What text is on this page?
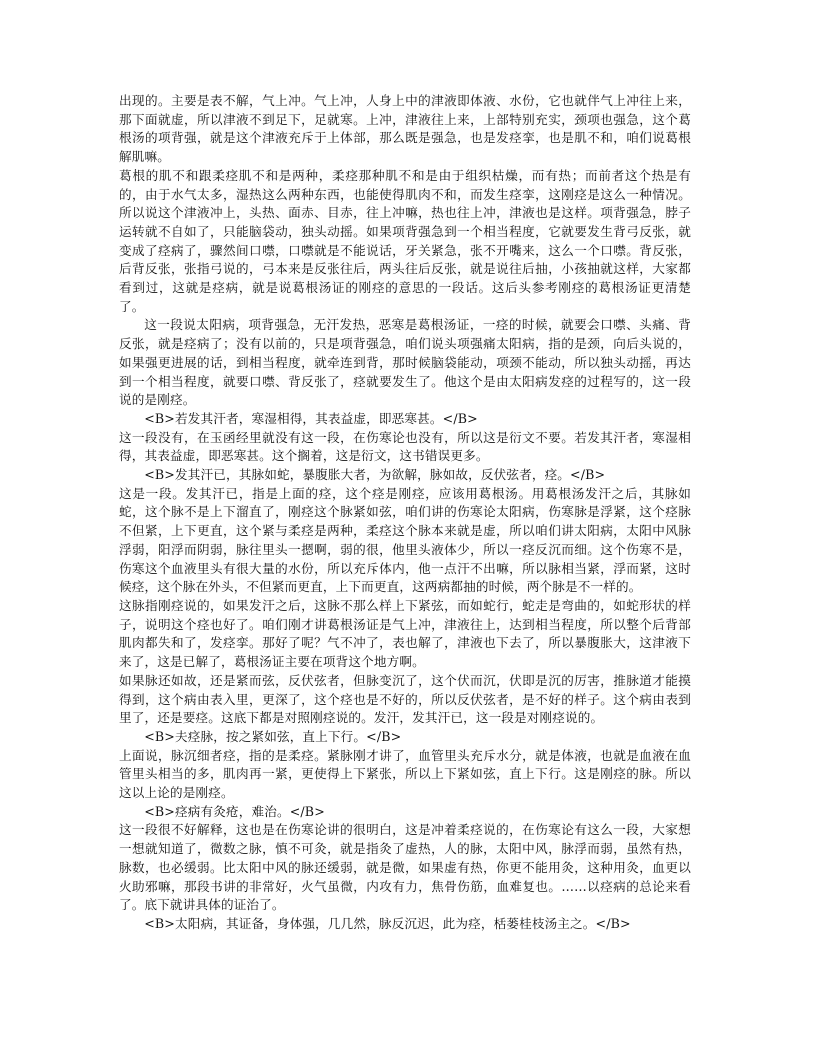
出现的。主要是表不解，气上冲。气上冲，人身上中的津液即体液、水份，它也就伴气上冲往上来，那下面就虚，所以津液不到足下，足就寒。上冲，津液往上来，上部特别充实，颈项也强急，这个葛根汤的项背强，就是这个津液充斥于上体部，那么既是强急，也是发痉挛，也是肌不和，咱们说葛根解肌嘛。

葛根的肌不和跟柔痉肌不和是两种，柔痉那种肌不和是由于组织枯燥，而有热；而前者这个热是有的，由于水气太多，湿热这么两种东西，也能使得肌肉不和，而发生痉挛，这刚痉是这么一种情况。所以说这个津液冲上，头热、面赤、目赤，往上冲嘛，热也往上冲，津液也是这样。项背强急，脖子运转就不自如了，只能脑袋动，独头动摇。如果项背强急到一个相当程度，它就要发生背弓反张，就变成了痉病了，骤然间口噤，口噤就是不能说话，牙关紧急，张不开嘴来，这么一个口噤。背反张，后背反张，张指弓说的，弓本来是反张往后，两头往后反张，就是说往后抽，小孩抽就这样，大家都看到过，这就是痉病，就是说葛根汤证的刚痉的意思的一段话。这后头参考刚痉的葛根汤证更清楚了。

这一段说太阳病，项背强急，无汗发热，恶寒是葛根汤证，一痉的时候，就要会口噤、头痛、背反张，就是痉病了；没有以前的，只是项背强急，咱们说头项强痛太阳病，指的是颈，向后头说的，如果强更进展的话，到相当程度，就牵连到背，那时候脑袋能动，项颈不能动，所以独头动摇，再达到一个相当程度，就要口噤、背反张了，痉就要发生了。他这个是由太阳病发痉的过程写的，这一段说的是刚痉。

<B>若发其汗者，寒湿相得，其表益虚，即恶寒甚。</B>

这一段没有，在玉函经里就没有这一段，在伤寒论也没有，所以这是衍文不要。若发其汗者，寒湿相得，其表益虚，即恶寒甚。这个搁着，这是衍文，这书错误更多。

<B>发其汗已，其脉如蛇，暴腹胀大者，为欲解，脉如故，反伏弦者，痉。</B>

这是一段。发其汗已，指是上面的痉，这个痉是刚痉，应该用葛根汤。用葛根汤发汗之后，其脉如蛇，这个脉不是上下溜直了，刚痉这个脉紧如弦，咱们讲的伤寒论太阳病，伤寒脉是浮紧，这个痉脉不但紧，上下更直，这个紧与柔痉是两种，柔痉这个脉本来就是虚，所以咱们讲太阳病，太阳中风脉浮弱，阳浮而阴弱，脉往里头一摁啊，弱的很，他里头液体少，所以一痉反沉而细。这个伤寒不是，伤寒这个血液里头有很大量的水份，所以充斥体内，他一点汗不出嘛，所以脉相当紧，浮而紧，这时候痉，这个脉在外头，不但紧而更直，上下而更直，这两病都抽的时候，两个脉是不一样的。

这脉指刚痉说的，如果发汗之后，这脉不那么样上下紧弦，而如蛇行，蛇走是弯曲的，如蛇形状的样子，说明这个痉也好了。咱们刚才讲葛根汤证是气上冲，津液往上，达到相当程度，所以整个后背部肌肉都失和了，发痉挛。那好了呢？气不冲了，表也解了，津液也下去了，所以暴腹胀大，这津液下来了，这是已解了，葛根汤证主要在项背这个地方啊。

如果脉还如故，还是紧而弦，反伏弦者，但脉变沉了，这个伏而沉，伏即是沉的厉害，推脉道才能摸得到，这个病由表入里，更深了，这个痉也是不好的，所以反伏弦者，是不好的样子。这个病由表到里了，还是要痉。这底下都是对照刚痉说的。发汗，发其汗已，这一段是对刚痉说的。

<B>夫痉脉，按之紧如弦，直上下行。</B>

上面说，脉沉细者痉，指的是柔痉。紧脉刚才讲了，血管里头充斥水分，就是体液，也就是血液在血管里头相当的多，肌肉再一紧，更使得上下紧张，所以上下紧如弦，直上下行。这是刚痉的脉。所以这以上论的是刚痉。

<B>痉病有灸疮，难治。</B>

这一段很不好解释，这也是在伤寒论讲的很明白，这是冲着柔痉说的，在伤寒论有这么一段，大家想一想就知道了，微数之脉，慎不可灸，就是指灸了虚热，人的脉，太阳中风，脉浮而弱，虽然有热，脉数，也必缓弱。比太阳中风的脉还缓弱，就是微，如果虚有热，你更不能用灸，这种用灸，血更以火助邪嘛，那段书讲的非常好，火气虽微，内攻有力，焦骨伤筋，血难复也。……以痉病的总论来看了。底下就讲具体的证治了。

<B>太阳病，其证备，身体强，几几然，脉反沉迟，此为痉，栝蒌桂枝汤主之。</B>
